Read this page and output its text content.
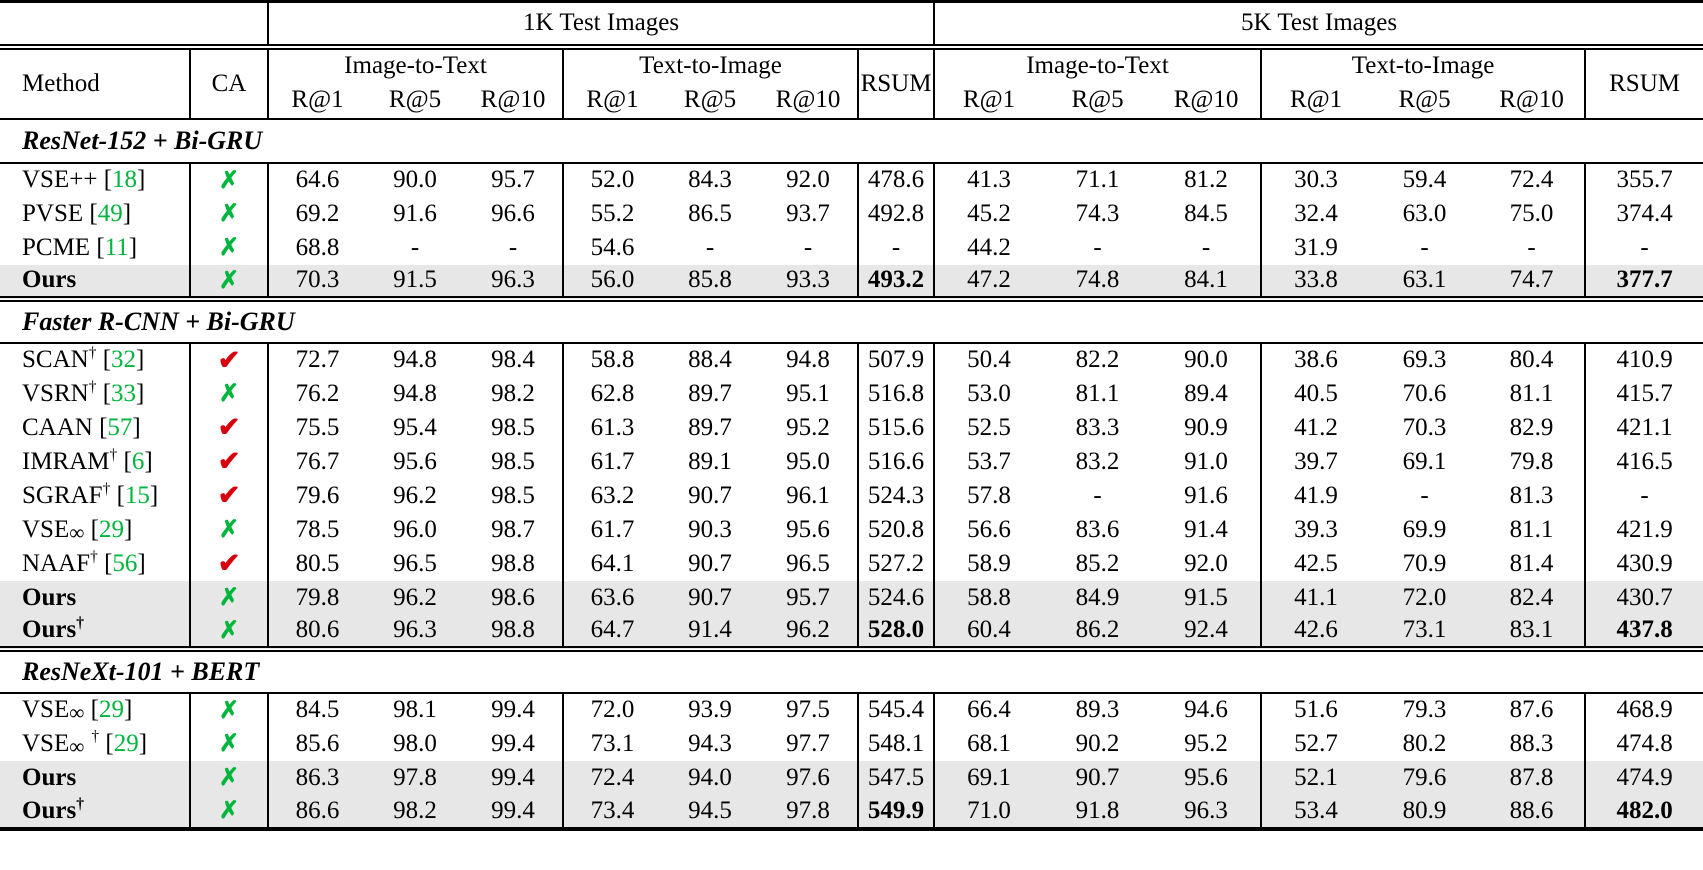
		1K Test Images							5K Test Images						
Method	CA	Image-to-Text			Text-to-Image			RSUM	Image-to-Text			Text-to-Image			RSUM
		R@1	R@5	R@10	R@1	R@5	R@10		R@1	R@5	R@10	R@1	R@5	R@10	
ResNet-152 + Bi-GRU															
VSE++ [18]	✗	64.6	90.0	95.7	52.0	84.3	92.0	478.6	41.3	71.1	81.2	30.3	59.4	72.4	355.7
PVSE [49]	✗	69.2	91.6	96.6	55.2	86.5	93.7	492.8	45.2	74.3	84.5	32.4	63.0	75.0	374.4
PCME [11]	✗	68.8	-	-	54.6	-	-	-	44.2	-	-	31.9	-	-	-
Ours	✗	70.3	91.5	96.3	56.0	85.8	93.3	493.2	47.2	74.8	84.1	33.8	63.1	74.7	377.7
Faster R-CNN + Bi-GRU															
SCAN† [32]	✔	72.7	94.8	98.4	58.8	88.4	94.8	507.9	50.4	82.2	90.0	38.6	69.3	80.4	410.9
VSRN† [33]	✗	76.2	94.8	98.2	62.8	89.7	95.1	516.8	53.0	81.1	89.4	40.5	70.6	81.1	415.7
CAAN [57]	✔	75.5	95.4	98.5	61.3	89.7	95.2	515.6	52.5	83.3	90.9	41.2	70.3	82.9	421.1
IMRAM† [6]	✔	76.7	95.6	98.5	61.7	89.1	95.0	516.6	53.7	83.2	91.0	39.7	69.1	79.8	416.5
SGRAF† [15]	✔	79.6	96.2	98.5	63.2	90.7	96.1	524.3	57.8	-	91.6	41.9	-	81.3	-
$VSE_\infty$ [29]	✗	78.5	96.0	98.7	61.7	90.3	95.6	520.8	56.6	83.6	91.4	39.3	69.9	81.1	421.9
NAAF† [56]	✔	80.5	96.5	98.8	64.1	90.7	96.5	527.2	58.9	85.2	92.0	42.5	70.9	81.4	430.9
Ours	✗	79.8	96.2	98.6	63.6	90.7	95.7	524.6	58.8	84.9	91.5	41.1	72.0	82.4	430.7
Ours†	✗	80.6	96.3	98.8	64.7	91.4	96.2	528.0	60.4	86.2	92.4	42.6	73.1	83.1	437.8
ResNeXt-101 + BERT															
$VSE_\infty$ [29]	✗	84.5	98.1	99.4	72.0	93.9	97.5	545.4	66.4	89.3	94.6	51.6	79.3	87.6	468.9
$VSE_\infty$ † [29]	✗	85.6	98.0	99.4	73.1	94.3	97.7	548.1	68.1	90.2	95.2	52.7	80.2	88.3	474.8
Ours	✗	86.3	97.8	99.4	72.4	94.0	97.6	547.5	69.1	90.7	95.6	52.1	79.6	87.8	474.9
Ours†	✗	86.6	98.2	99.4	73.4	94.5	97.8	549.9	71.0	91.8	96.3	53.4	80.9	88.6	482.0
